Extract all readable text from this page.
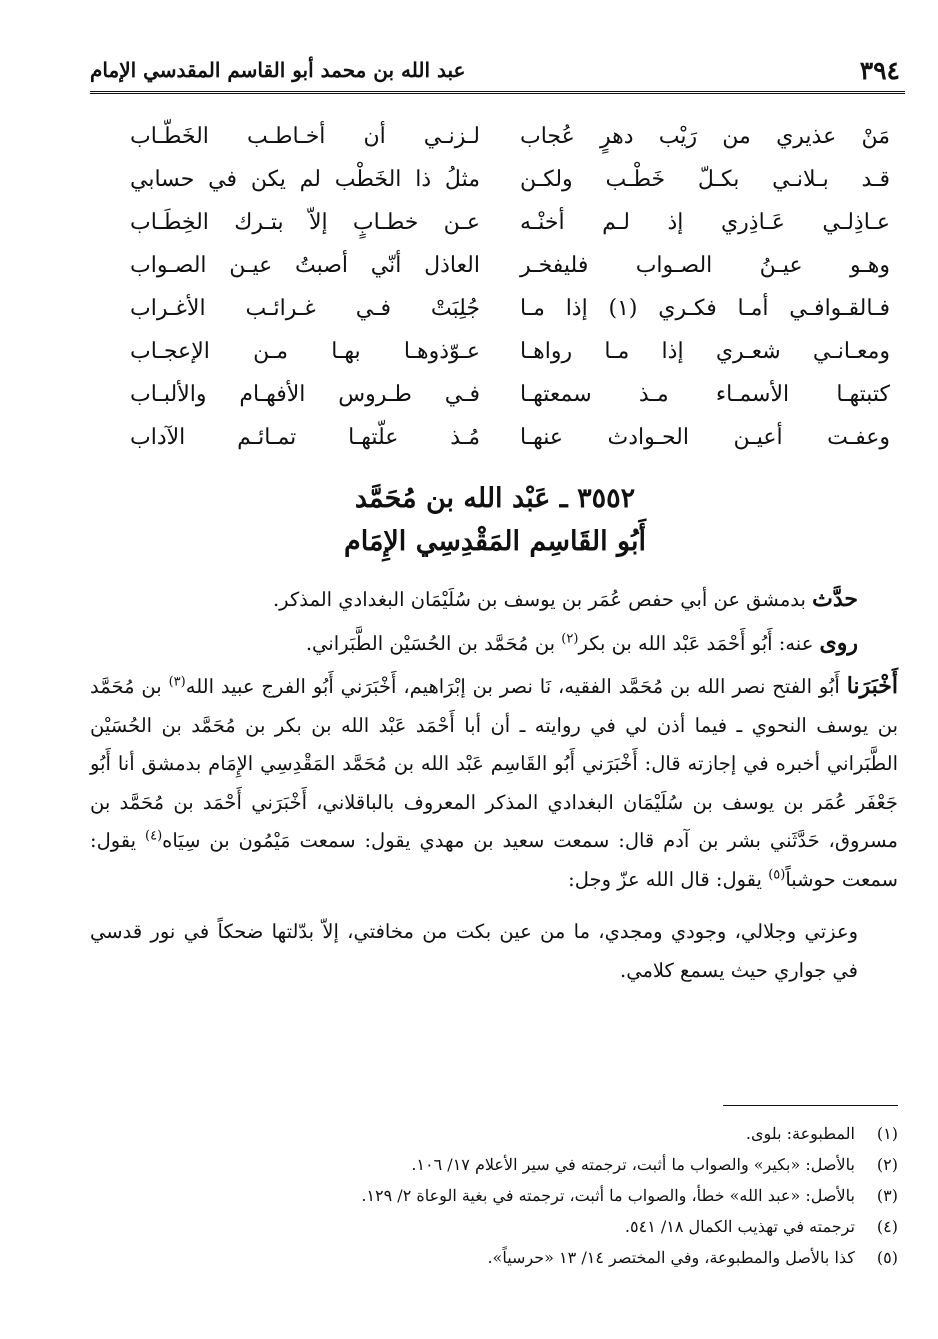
٣٩٤
عبد الله بن محمد أبو القاسم المقدسي الإمام
مَنْ عذيري من رَيْب دهرٍ عُجاب
لـزنـي أن أخـاطـب الخَطّـاب
قـد بـلانـي بكـلّ خَطْـب ولكـن
مثلُ ذا الخَطْب لم يكن في حسابي
عـاذِلـي عَـاذِري إذ لـم أخنْـه
عـن خطـابٍ إلاّ بتـرك الخِطَـاب
وهـو عيـنُ الصـواب فليفخـر
العاذل أنّي أصبتُ عيـن الصـواب
فـالقـوافـي أمـا فكـري (١) إذا مـا
جُلِبَتْ فـي غـرائـب الأغـراب
ومعـانـي شعـري إذا مـا رواهـا
عـوّذوهـا بهـا مـن الإعجـاب
كتبتهـا الأسمـاء مـذ سمعتهـا
فـي طـروس الأفهـام والألبـاب
وعفـت أعيـن الحـوادث عنهـا
مُـذ علّتهـا تمـائـم الآداب
٣٥٥٢ ـ عَبْد الله بن مُحَمَّد
أَبُو القَاسِم المَقْدِسِي الإِمَام

حدَّث بدمشق عن أبي حفص عُمَر بن يوسف بن سُلَيْمَان البغدادي المذكر.

روى عنه: أَبُو أَحْمَد عَبْد الله بن بكر$^{(٢)}$ بن مُحَمَّد بن الحُسَيْن الطَّبَراني.

أَخْبَرَنا أَبُو الفتح نصر الله بن مُحَمَّد الفقيه، نَا نصر بن إبْرَاهيم، أَخْبَرَني أَبُو الفرج عبيد الله$^{(٣)}$ بن مُحَمَّد بن يوسف النحوي ـ فيما أذن لي في روايته ـ أن أبا أَحْمَد عَبْد الله بن بكر بن مُحَمَّد بن الحُسَيْن الطَّبَراني أخبره في إجازته قال: أَخْبَرَني أَبُو القَاسِم عَبْد الله بن مُحَمَّد المَقْدِسِي الإِمَام بدمشق أنا أَبُو جَعْفَر عُمَر بن يوسف بن سُلَيْمَان البغدادي المذكر المعروف بالباقلاني، أَخْبَرَني أَحْمَد بن مُحَمَّد بن مسروق، حَدَّثَني بشر بن آدم قال: سمعت سعيد بن مهدي يقول: سمعت مَيْمُون بن سِيَاه$^{(٤)}$ يقول: سمعت حوشباً$^{(٥)}$ يقول: قال الله عزّ وجل:

وعزتي وجلالي، وجودي ومجدي، ما من عين بكت من مخافتي، إلاّ بدّلتها ضحكاً في نور قدسي في جواري حيث يسمع كلامي.

(١) المطبوعة: بلوى.
(٢) بالأصل: «بكير» والصواب ما أثبت، ترجمته في سير الأعلام ١٧/ ١٠٦.
(٣) بالأصل: «عبد الله» خطأ، والصواب ما أثبت، ترجمته في بغية الوعاة ٢/ ١٢٩.
(٤) ترجمته في تهذيب الكمال ١٨/ ٥٤١.
(٥) كذا بالأصل والمطبوعة، وفي المختصر ١٤/ ١٣ «حرسياً».
